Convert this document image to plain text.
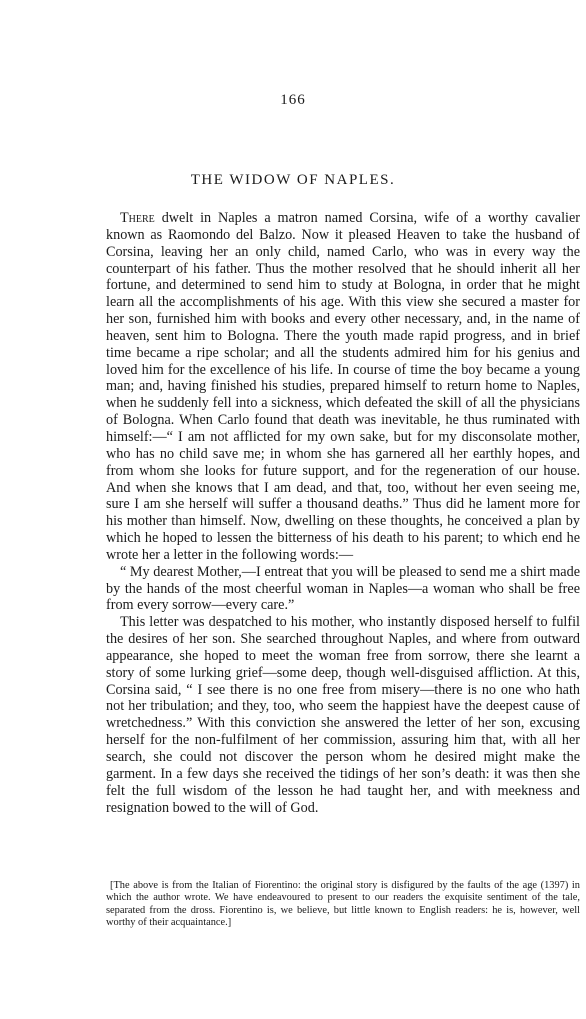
166
THE WIDOW OF NAPLES.

There dwelt in Naples a matron named Corsina, wife of a worthy cavalier known as Raomondo del Balzo. Now it pleased Heaven to take the husband of Corsina, leaving her an only child, named Carlo, who was in every way the counterpart of his father. Thus the mother resolved that he should inherit all her fortune, and determined to send him to study at Bologna, in order that he might learn all the accomplishments of his age. With this view she secured a master for her son, furnished him with books and every other necessary, and, in the name of heaven, sent him to Bologna. There the youth made rapid progress, and in brief time became a ripe scholar; and all the students admired him for his genius and loved him for the excellence of his life. In course of time the boy became a young man; and, having finished his studies, prepared himself to return home to Naples, when he suddenly fell into a sickness, which defeated the skill of all the physicians of Bologna. When Carlo found that death was inevitable, he thus ruminated with himself:—“ I am not afflicted for my own sake, but for my disconsolate mother, who has no child save me; in whom she has garnered all her earthly hopes, and from whom she looks for future support, and for the regeneration of our house. And when she knows that I am dead, and that, too, without her even seeing me, sure I am she herself will suffer a thousand deaths.” Thus did he lament more for his mother than himself. Now, dwelling on these thoughts, he conceived a plan by which he hoped to lessen the bitterness of his death to his parent; to which end he wrote her a letter in the following words:—

“ My dearest Mother,—I entreat that you will be pleased to send me a shirt made by the hands of the most cheerful woman in Naples—a woman who shall be free from every sorrow—every care.”

This letter was despatched to his mother, who instantly disposed herself to fulfil the desires of her son. She searched throughout Naples, and where from outward appearance, she hoped to meet the woman free from sorrow, there she learnt a story of some lurking grief—some deep, though well-disguised affliction. At this, Corsina said, “ I see there is no one free from misery—there is no one who hath not her tribulation; and they, too, who seem the happiest have the deepest cause of wretchedness.” With this conviction she answered the letter of her son, excusing herself for the non-fulfilment of her commission, assuring him that, with all her search, she could not discover the person whom he desired might make the garment. In a few days she received the tidings of her son’s death: it was then she felt the full wisdom of the lesson he had taught her, and with meekness and resignation bowed to the will of God.

[The above is from the Italian of Fiorentino: the original story is disfigured by the faults of the age (1397) in which the author wrote. We have endeavoured to present to our readers the exquisite sentiment of the tale, separated from the dross. Fiorentino is, we believe, but little known to English readers: he is, however, well worthy of their acquaintance.]
